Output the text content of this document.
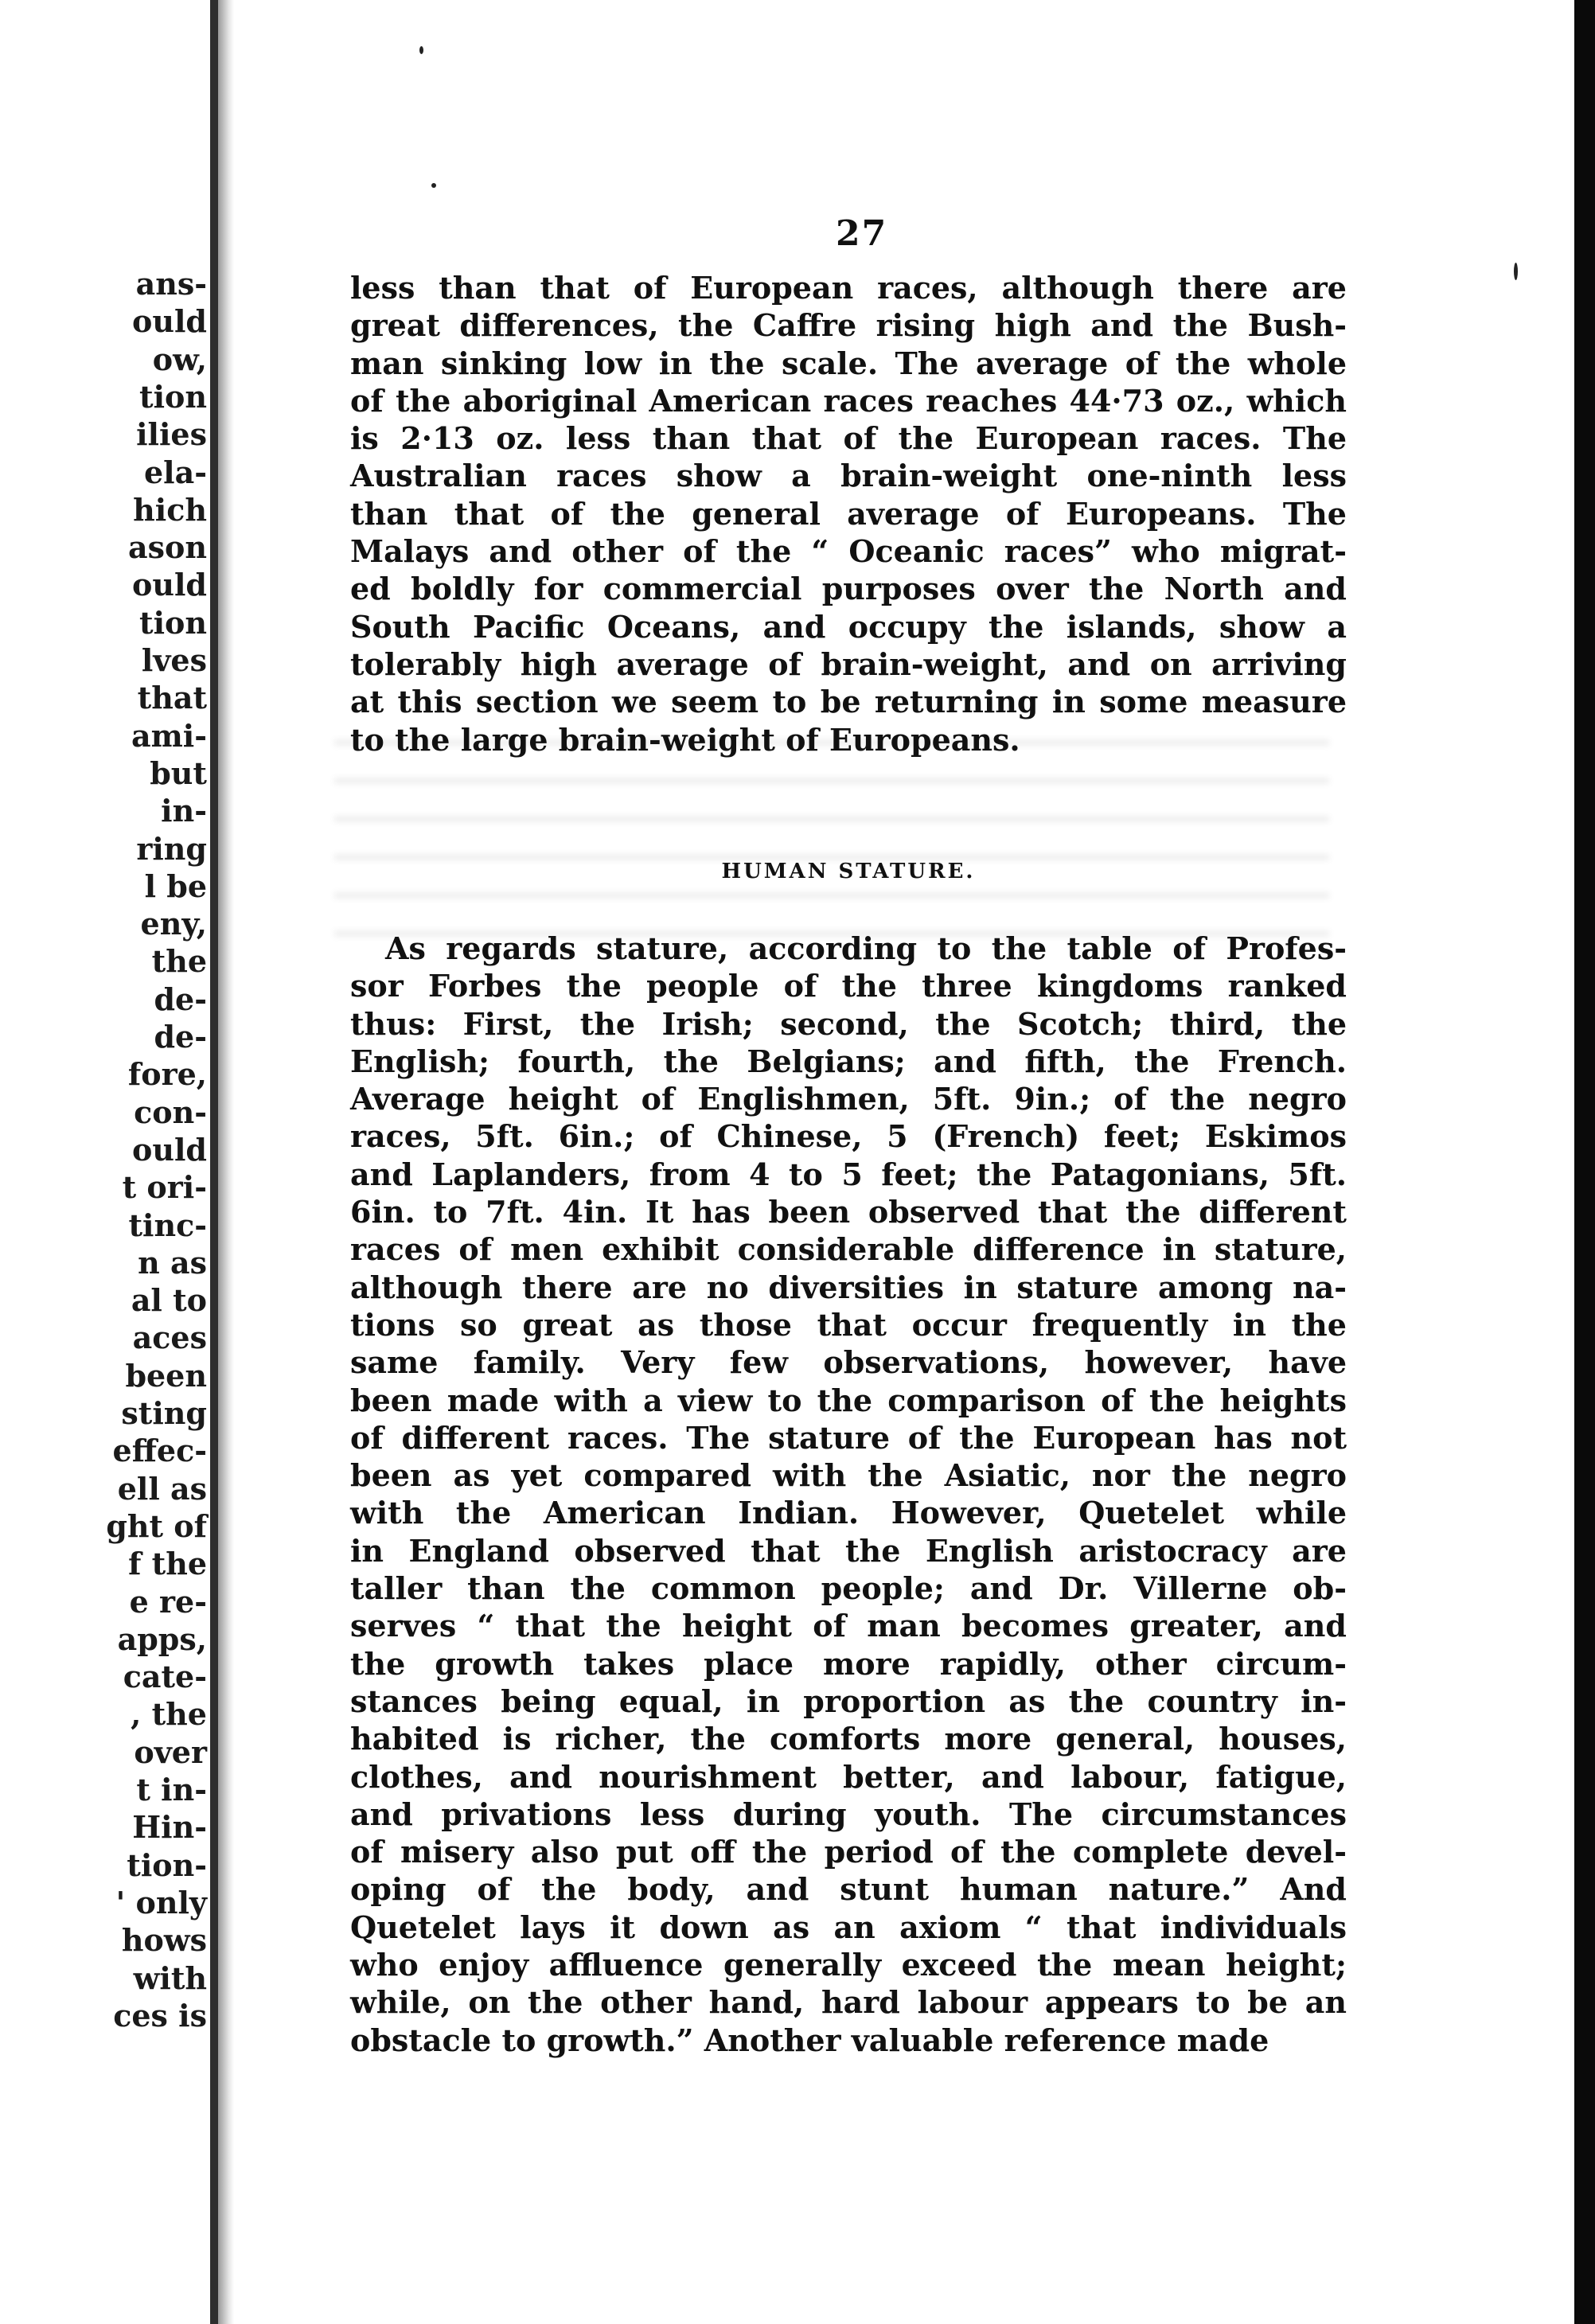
ans-
ould
ow,
tion
ilies
ela-
hich
ason
ould
tion
lves
that
ami-
but
in-
ring
l be
eny,
the
de-
de-
fore,
con-
ould
t ori-
tinc-
n as
al to
aces
been
sting
effec-
ell as
ght of
f the
e re-
apps,
cate-
, the
over
t in-
Hin-
tion-
' only
hows
with
ces is
27
less than that of European races, although there are
great differences, the Caffre rising high and the Bush-
man sinking low in the scale. The average of the whole
of the aboriginal American races reaches 44·73 oz., which
is 2·13 oz. less than that of the European races. The
Australian races show a brain-weight one-ninth less
than that of the general average of Europeans. The
Malays and other of the “ Oceanic races” who migrat-
ed boldly for commercial purposes over the North and
South Pacific Oceans, and occupy the islands, show a
tolerably high average of brain-weight, and on arriving
at this section we seem to be returning in some measure
to the large brain-weight of Europeans.
HUMAN STATURE.
As regards stature, according to the table of Profes-
sor Forbes the people of the three kingdoms ranked
thus: First, the Irish; second, the Scotch; third, the
English; fourth, the Belgians; and fifth, the French.
Average height of Englishmen, 5ft. 9in.; of the negro
races, 5ft. 6in.; of Chinese, 5 (French) feet; Eskimos
and Laplanders, from 4 to 5 feet; the Patagonians, 5ft.
6in. to 7ft. 4in. It has been observed that the different
races of men exhibit considerable difference in stature,
although there are no diversities in stature among na-
tions so great as those that occur frequently in the
same family. Very few observations, however, have
been made with a view to the comparison of the heights
of different races. The stature of the European has not
been as yet compared with the Asiatic, nor the negro
with the American Indian. However, Quetelet while
in England observed that the English aristocracy are
taller than the common people; and Dr. Villerne ob-
serves “ that the height of man becomes greater, and
the growth takes place more rapidly, other circum-
stances being equal, in proportion as the country in-
habited is richer, the comforts more general, houses,
clothes, and nourishment better, and labour, fatigue,
and privations less during youth. The circumstances
of misery also put off the period of the complete devel-
oping of the body, and stunt human nature.” And
Quetelet lays it down as an axiom “ that individuals
who enjoy affluence generally exceed the mean height;
while, on the other hand, hard labour appears to be an
obstacle to growth.” Another valuable reference made
